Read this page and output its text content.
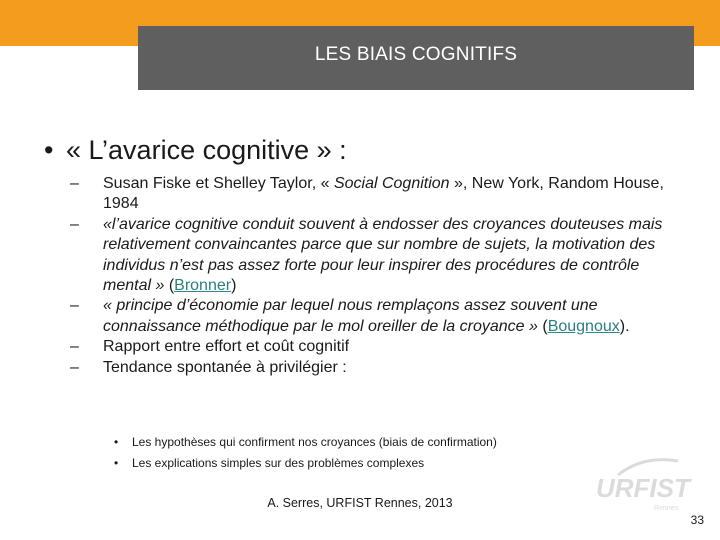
LES BIAIS COGNITIFS
• « L’avarice cognitive » :
–	Susan Fiske et Shelley Taylor, « Social Cognition », New York, Random House, 1984
–	«l’avarice cognitive conduit souvent à endosser des croyances douteuses mais relativement convaincantes parce que sur nombre de sujets, la motivation des individus n’est pas assez forte pour leur inspirer des procédures de contrôle mental » (Bronner)
–	« principe d’économie par lequel nous remplaçons assez souvent une connaissance méthodique par le mol oreiller de la croyance » (Bougnoux).
–	Rapport entre effort et coût cognitif
–	Tendance spontanée à privilégier :
• Les hypothèses qui confirment nos croyances (biais de confirmation)
• Les explications simples sur des problèmes complexes
URFIST
Rennes
A. Serres, URFIST Rennes, 2013
33
